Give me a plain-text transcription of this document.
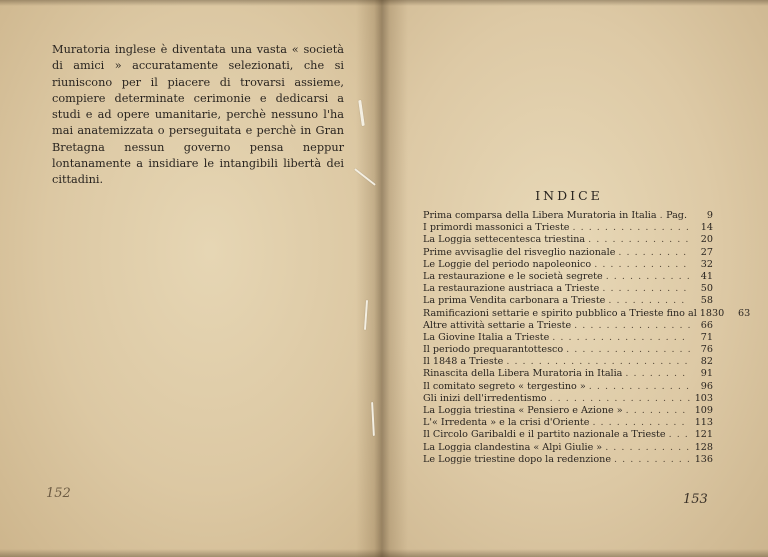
Muratoria inglese è diventata una vasta « società di amici » accuratamente selezionati, che si riuniscono per il piacere di trovarsi assieme, compiere determinate cerimonie e dedicarsi a studi e ad opere umanitarie, perchè nessuno l'ha mai anatemizzata o perseguitata e perchè in Gran Bretagna nessun governo pensa neppur lontanamente a insidiare le intangibili libertà dei cittadini.

152
INDICE
Prima comparsa della Libera Muratoria in Italia . . . Pag.	9
I primordi massonici a Trieste . . .	14
La Loggia settecentesca triestina . . .	20
Prime avvisaglie del risveglio nazionale . . .	27
Le Loggie del periodo napoleonico . . .	32
La restaurazione e le società segrete . . .	41
La restaurazione austriaca a Trieste . . .	50
La prima Vendita carbonara a Trieste . . .	58
Ramificazioni settarie e spirito pubblico a Trieste fino al 1830	63
Altre attività settarie a Trieste . . .	66
La Giovine Italia a Trieste . . .	71
Il periodo prequarantottesco . . .	76
Il 1848 a Trieste . . .	82
Rinascita della Libera Muratoria in Italia . . .	91
Il comitato segreto « tergestino » . . .	96
Gli inizi dell'irredentismo . . .	103
La Loggia triestina « Pensiero e Azione » . . .	109
L'« Irredenta » e la crisi d'Oriente . . .	113
Il Circolo Garibaldi e il partito nazionale a Trieste . . .	121
La Loggia clandestina « Alpi Giulie » . . .	128
Le Loggie triestine dopo la redenzione . . .	136
153
